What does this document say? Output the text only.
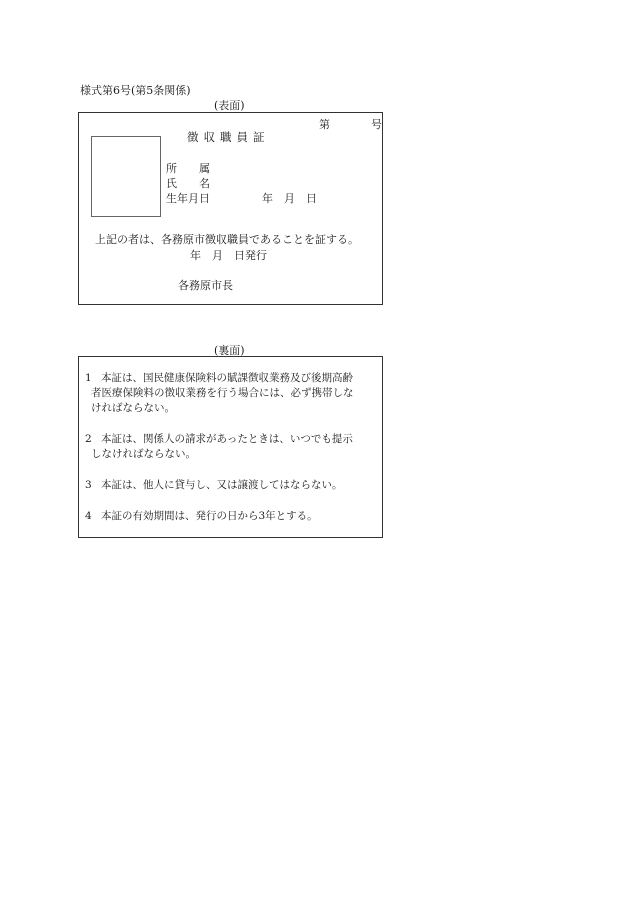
様式第6号(第5条関係)
(表面)
第	号
徴収職員証
所　　属
氏　　名
生年月日	年　月　日
上記の者は、各務原市徴収職員であることを証する。
年　月　日発行
各務原市長
(裏面)
1 本証は、国民健康保険料の賦課徴収業務及び後期高齢
者医療保険料の徴収業務を行う場合には、必ず携帯しな
ければならない。
2 本証は、関係人の請求があったときは、いつでも提示
しなければならない。
3 本証は、他人に貸与し、又は譲渡してはならない。
4 本証の有効期間は、発行の日から3年とする。
